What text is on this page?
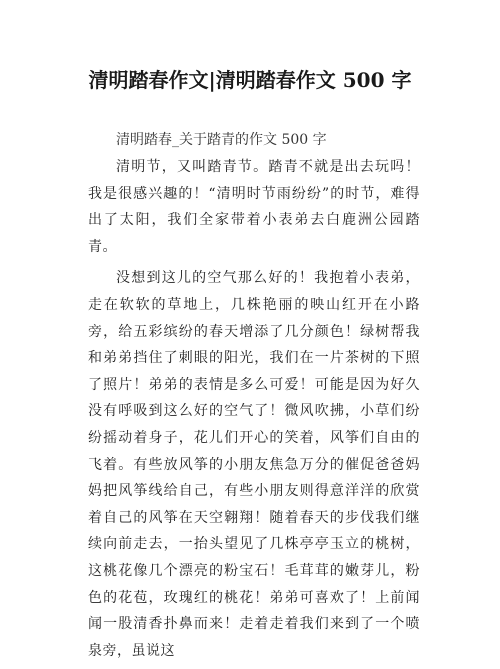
清明踏春作文|清明踏春作文 500 字
清明踏春_关于踏青的作文 500 字

清明节，又叫踏青节。踏青不就是出去玩吗！我是很感兴趣的！“清明时节雨纷纷”的时节，难得出了太阳，我们全家带着小表弟去白鹿洲公园踏青。

没想到这儿的空气那么好的！我抱着小表弟，走在软软的草地上，几株艳丽的映山红开在小路旁，给五彩缤纷的春天增添了几分颜色！绿树帮我和弟弟挡住了刺眼的阳光，我们在一片茶树的下照了照片！弟弟的表情是多么可爱！可能是因为好久没有呼吸到这么好的空气了！微风吹拂，小草们纷纷摇动着身子，花儿们开心的笑着，风筝们自由的飞着。有些放风筝的小朋友焦急万分的催促爸爸妈妈把风筝线给自己，有些小朋友则得意洋洋的欣赏着自己的风筝在天空翱翔！随着春天的步伐我们继续向前走去，一抬头望见了几株亭亭玉立的桃树，这桃花像几个漂亮的粉宝石！毛茸茸的嫩芽儿，粉色的花苞，玫瑰红的桃花！弟弟可喜欢了！上前闻闻一股清香扑鼻而来！走着走着我们来到了一个喷泉旁，虽说这
